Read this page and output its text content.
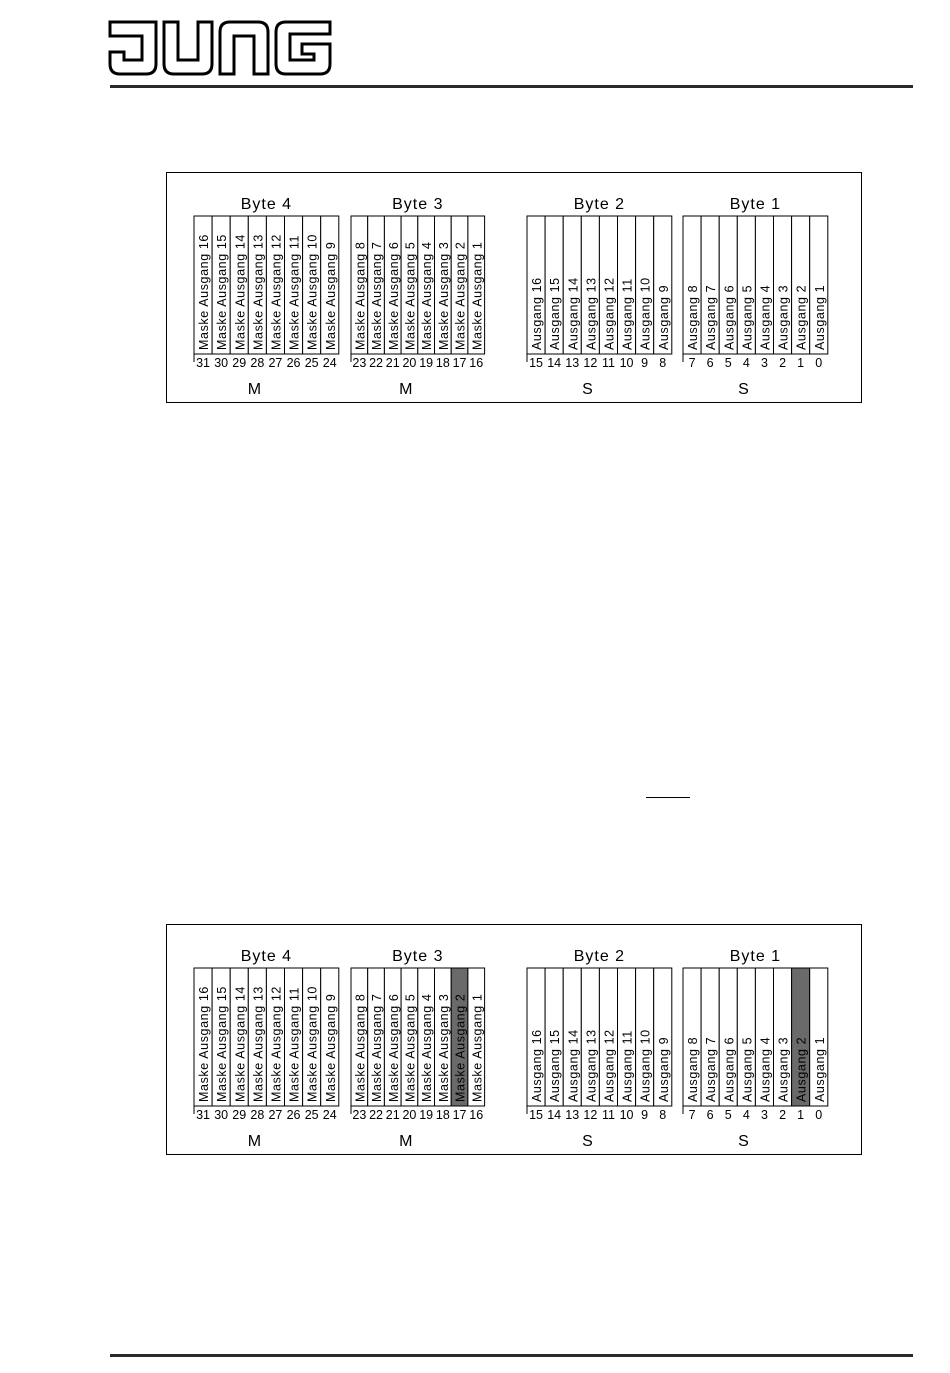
Byte 4
Maske Ausgang 16
31
Maske Ausgang 15
30
Maske Ausgang 14
29
Maske Ausgang 13
28
Maske Ausgang 12
27
Maske Ausgang 11
26
Maske Ausgang 10
25
Maske Ausgang 9
24
M
Byte 3
Maske Ausgang 8
23
Maske Ausgang 7
22
Maske Ausgang 6
21
Maske Ausgang 5
20
Maske Ausgang 4
19
Maske Ausgang 3
18
Maske Ausgang 2
17
Maske Ausgang 1
16
M
Byte 2
Ausgang 16
15
Ausgang 15
14
Ausgang 14
13
Ausgang 13
12
Ausgang 12
11
Ausgang 11
10
Ausgang 10
9
Ausgang 9
8
S
Byte 1
Ausgang 8
7
Ausgang 7
6
Ausgang 6
5
Ausgang 5
4
Ausgang 4
3
Ausgang 3
2
Ausgang 2
1
Ausgang 1
0
S
Byte 4
Maske Ausgang 16
31
Maske Ausgang 15
30
Maske Ausgang 14
29
Maske Ausgang 13
28
Maske Ausgang 12
27
Maske Ausgang 11
26
Maske Ausgang 10
25
Maske Ausgang 9
24
M
Byte 3
Maske Ausgang 8
23
Maske Ausgang 7
22
Maske Ausgang 6
21
Maske Ausgang 5
20
Maske Ausgang 4
19
Maske Ausgang 3
18
Maske Ausgang 2
17
Maske Ausgang 1
16
M
Byte 2
Ausgang 16
15
Ausgang 15
14
Ausgang 14
13
Ausgang 13
12
Ausgang 12
11
Ausgang 11
10
Ausgang 10
9
Ausgang 9
8
S
Byte 1
Ausgang 8
7
Ausgang 7
6
Ausgang 6
5
Ausgang 5
4
Ausgang 4
3
Ausgang 3
2
Ausgang 2
1
Ausgang 1
0
S
